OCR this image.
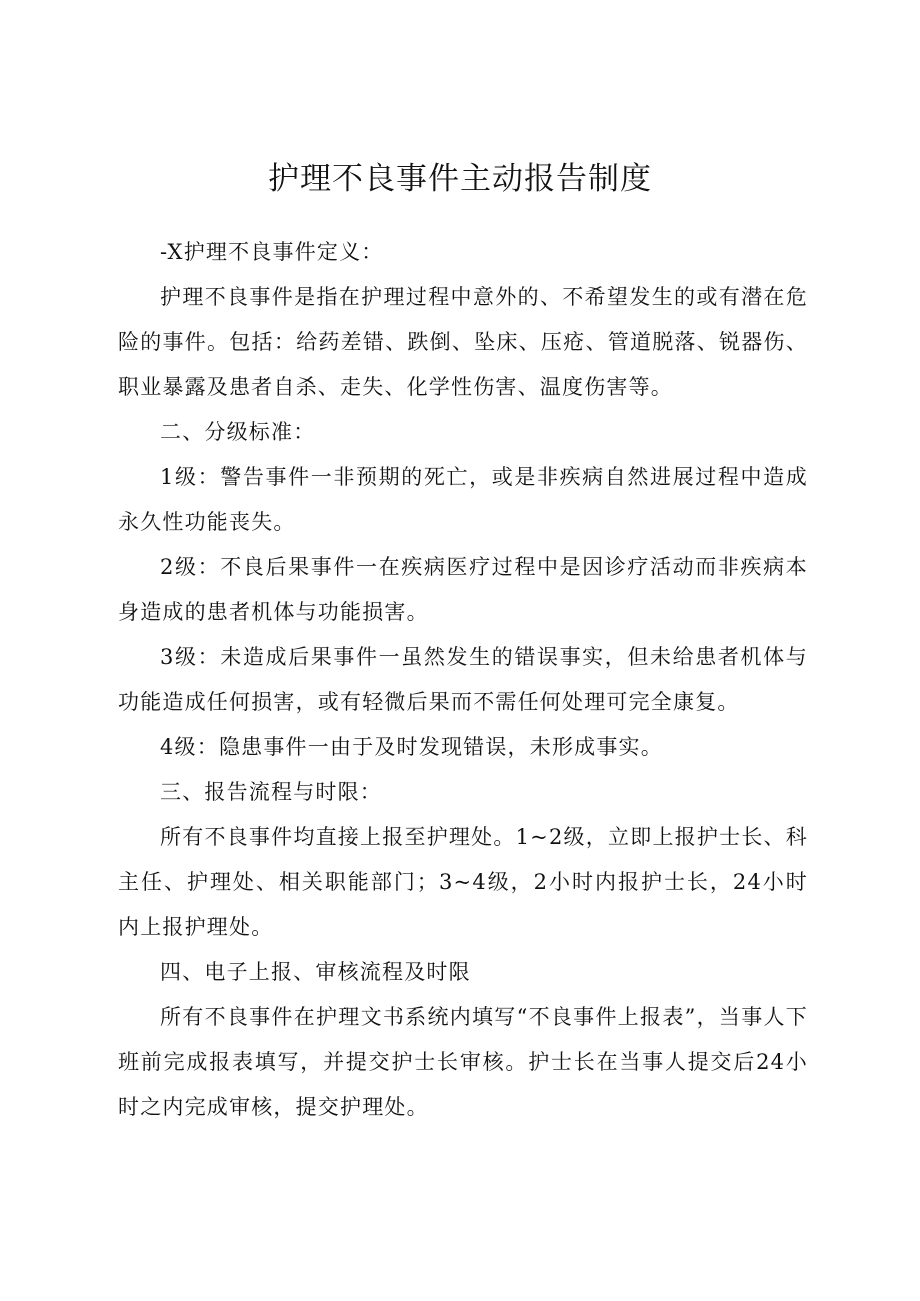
护理不良事件主动报告制度

-X护理不良事件定义：

护理不良事件是指在护理过程中意外的、不希望发生的或有潜在危险的事件。包括：给药差错、跌倒、坠床、压疮、管道脱落、锐器伤、职业暴露及患者自杀、走失、化学性伤害、温度伤害等。

二、分级标准：

1级：警告事件一非预期的死亡，或是非疾病自然进展过程中造成永久性功能丧失。

2级：不良后果事件一在疾病医疗过程中是因诊疗活动而非疾病本身造成的患者机体与功能损害。

3级：未造成后果事件一虽然发生的错误事实，但未给患者机体与功能造成任何损害，或有轻微后果而不需任何处理可完全康复。

4级：隐患事件一由于及时发现错误，未形成事实。

三、报告流程与时限：

所有不良事件均直接上报至护理处。1~2级，立即上报护士长、科主任、护理处、相关职能部门；3~4级，2小时内报护士长，24小时内上报护理处。

四、电子上报、审核流程及时限

所有不良事件在护理文书系统内填写“不良事件上报表”，当事人下班前完成报表填写，并提交护士长审核。护士长在当事人提交后24小时之内完成审核，提交护理处。
